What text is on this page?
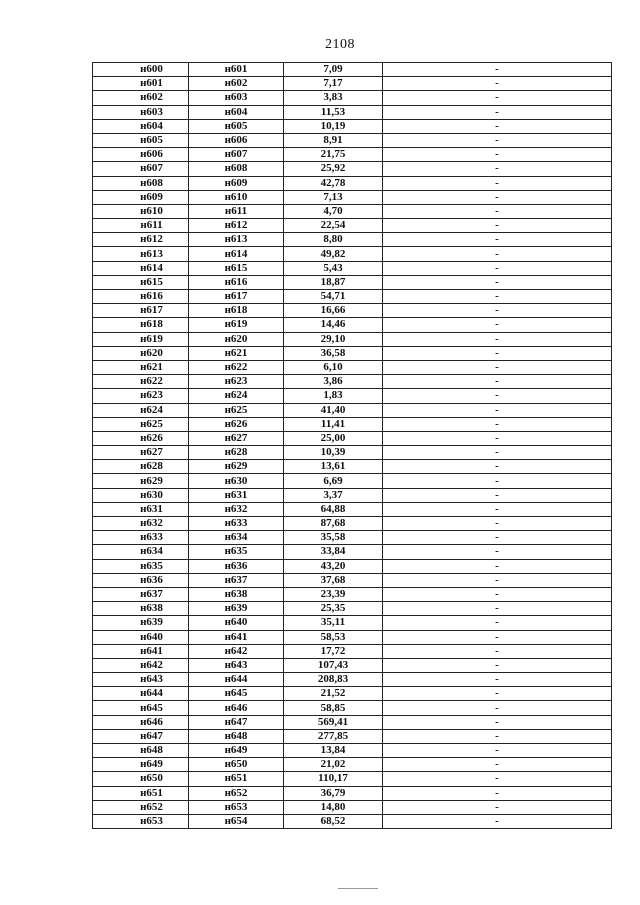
2108
н600	н601	7,09	-
н601	н602	7,17	-
н602	н603	3,83	-
н603	н604	11,53	-
н604	н605	10,19	-
н605	н606	8,91	-
н606	н607	21,75	-
н607	н608	25,92	-
н608	н609	42,78	-
н609	н610	7,13	-
н610	н611	4,70	-
н611	н612	22,54	-
н612	н613	8,80	-
н613	н614	49,82	-
н614	н615	5,43	-
н615	н616	18,87	-
н616	н617	54,71	-
н617	н618	16,66	-
н618	н619	14,46	-
н619	н620	29,10	-
н620	н621	36,58	-
н621	н622	6,10	-
н622	н623	3,86	-
н623	н624	1,83	-
н624	н625	41,40	-
н625	н626	11,41	-
н626	н627	25,00	-
н627	н628	10,39	-
н628	н629	13,61	-
н629	н630	6,69	-
н630	н631	3,37	-
н631	н632	64,88	-
н632	н633	87,68	-
н633	н634	35,58	-
н634	н635	33,84	-
н635	н636	43,20	-
н636	н637	37,68	-
н637	н638	23,39	-
н638	н639	25,35	-
н639	н640	35,11	-
н640	н641	58,53	-
н641	н642	17,72	-
н642	н643	107,43	-
н643	н644	208,83	-
н644	н645	21,52	-
н645	н646	58,85	-
н646	н647	569,41	-
н647	н648	277,85	-
н648	н649	13,84	-
н649	н650	21,02	-
н650	н651	110,17	-
н651	н652	36,79	-
н652	н653	14,80	-
н653	н654	68,52	-
